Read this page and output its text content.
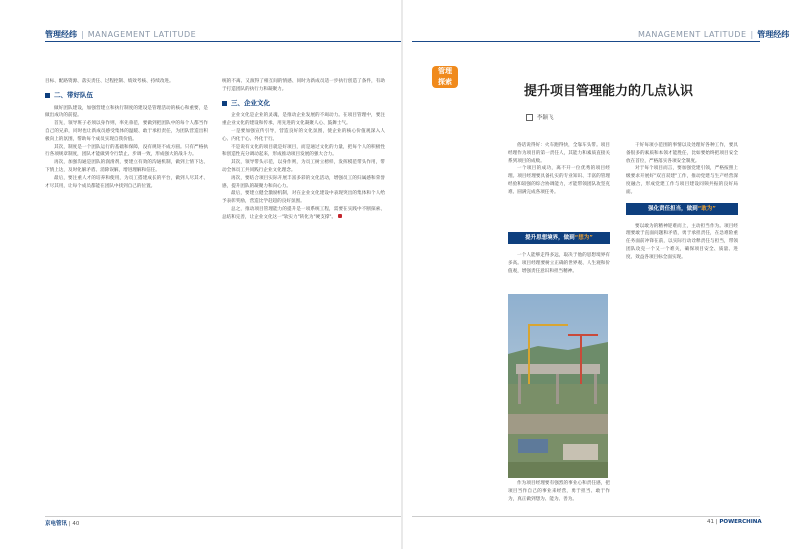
管理经纬 | MANAGEMENT LATITUDE	MANAGEMENT LATITUDE | 管理经纬
目标、配路资源、落实责任、过程控制、绩效考核、持续改进。
二、带好队伍

做好团队建设，加强营建立和执行制度的建设是管理活动的核心和重要，是做出成功的前提。

首先，领导班子必须以身作则，率先垂范，要做到把团队中的每个人都当作自己的兄弟，同时也让新成员感受集体的温暖、敢于承担责任，为团队营造出积极向上的氛围，帮助每个成员实现自我价值。

其次，制度是一个团队运行的基础和保障，没有规矩不成方圆。只有严格执行各项规章制度，团队才能做到令行禁止、步调一致，形成强大的战斗力。

再次，加强沟通是团队的润滑剂，要建立有效的沟通机制，做到上情下达、下情上达，及时化解矛盾、消除误解，增进理解和信任。

最后，要注重人才的培养和使用，为员工搭建成长的平台，做到人尽其才、才尽其用，让每个成员都能在团队中找到自己的位置。

统的不离、又演得了相互间的情感、同时为新成员适一步执行创造了条件，有助于打造团队的执行力和凝聚力。
三、企业文化

企业文化是企业的灵魂，是推动企业发展的不竭动力。在项目管理中，要注重企业文化的建设和传承，用先进的文化凝聚人心、鼓舞士气。

一是要加强宣传引导，营造良好的文化氛围，使企业的核心价值观深入人心、内化于心、外化于行。

不是说有文化的项目就是好项目，而是通过文化的力量，把每个人的积极性和创造性充分调动起来，形成推动项目发展的强大合力。

其次，领导带头示范，以身作则，为员工树立榜样，发挥模范带头作用，带动全体员工共同践行企业文化理念。

再次，要结合项目实际开展丰富多彩的文化活动，增强员工的归属感和荣誉感，提升团队的凝聚力和向心力。

最后，要建立健全激励机制，对在企业文化建设中表现突出的集体和个人给予表彰奖励，营造比学赶超的良好氛围。

总之，推动项目管理能力的提升是一项系统工程，需要在实践中不断探索、总结和完善，让企业文化这一"软实力"转化为"硬支撑"。

管理
探索
提升项目管理能力的几点认识
李颖飞

俗话说得好：火车跑得快，全靠车头带。项目经理作为项目的第一责任人，其能力和素质直接关系到项目的成败。

一个项目的成功，离不开一位优秀的项目经理。项目经理要具备扎实的专业知识、丰富的管理经验和较强的综合协调能力，才能带领团队攻坚克难、圆满完成各项任务。

提升思想境界，做到“想为”

一个人能够走得多远，取决于他的思想境界有多高。项目经理要树立正确的世界观、人生观和价值观，增强责任意识和担当精神。

作为项目经理要有强烈的事业心和责任感，把项目当作自己的事业来经营，勇于担当、敢于作为，真正做到想为、能为、善为。

干好每项小范围的事情以及处理好各种工作，要具备很多的素质和本领才能胜任，比如要始终把项目安全放在首位，严格落实各项安全制度。

对于每个项目而言，要加强党建引领，严格按照上级要求开展好"双百双建"工作，推动党建与生产经营深度融合，形成党建工作与项目建设同频共振的良好局面。

强化责任担当，做到“敢为”

要以敢为的精神迎难而上，主动担当作为。项目经理要敢于直面问题和矛盾，勇于承担责任，在急难险重任务面前冲锋在前，以实际行动诠释责任与担当，带领团队攻克一个又一个难关，确保项目安全、质量、进度、效益各项目标全面实现。

京电管讯 | 40	41 | POWERCHINA
